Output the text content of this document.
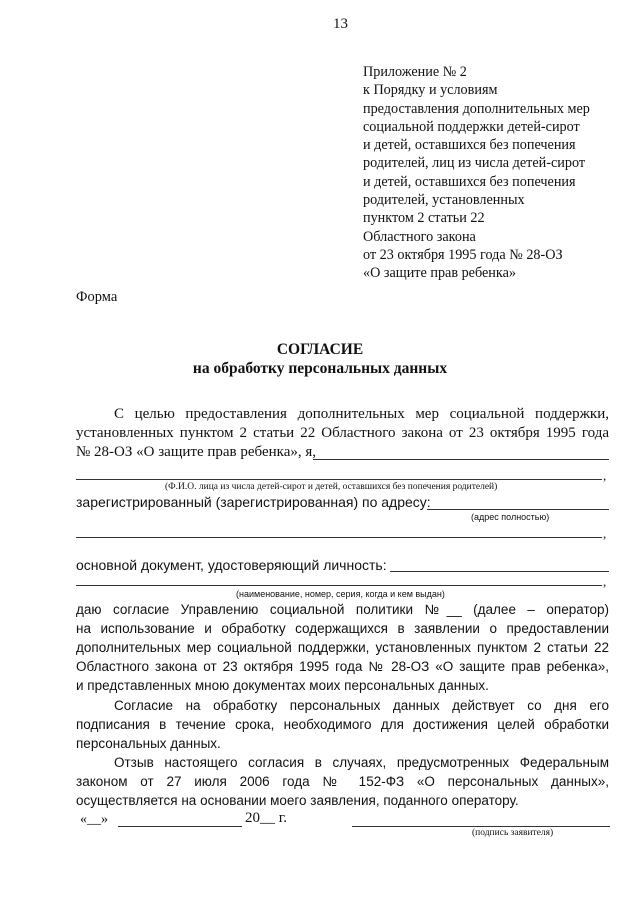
13
Приложение № 2
к Порядку и условиям
предоставления дополнительных мер
социальной поддержки детей-сирот
и детей, оставшихся без попечения
родителей, лиц из числа детей-сирот
и детей, оставшихся без попечения
родителей, установленных
пунктом 2 статьи 22
Областного закона
от 23 октября 1995 года № 28-ОЗ
«О защите прав ребенка»
Форма
СОГЛАСИЕ
на обработку персональных данных
С целью предоставления дополнительных мер социальной поддержки,
установленных пунктом 2 статьи 22 Областного закона от 23 октября 1995 года
№ 28-ОЗ «О защите прав ребенка», я,
,
(Ф.И.О. лица из числа детей-сирот и детей, оставшихся без попечения родителей)
зарегистрированный (зарегистрированная) по адресу:
(адрес полностью)
,
основной документ, удостоверяющий личность:
,
(наименование, номер, серия, когда и кем выдан)
даю согласие Управлению социальной политики №__ (далее – оператор)
на использование и обработку содержащихся в заявлении о предоставлении
дополнительных мер социальной поддержки, установленных пунктом 2 статьи 22
Областного закона от 23 октября 1995 года № 28-ОЗ «О защите прав ребенка»,
и представленных мною документах моих персональных данных.
Согласие на обработку персональных данных действует со дня его
подписания в течение срока, необходимого для достижения целей обработки
персональных данных.
Отзыв настоящего согласия в случаях, предусмотренных Федеральным
законом от 27 июля 2006 года № 152-ФЗ «О персональных данных»,
осуществляется на основании моего заявления, поданного оператору.
«__»	20__ г.
(подпись заявителя)
